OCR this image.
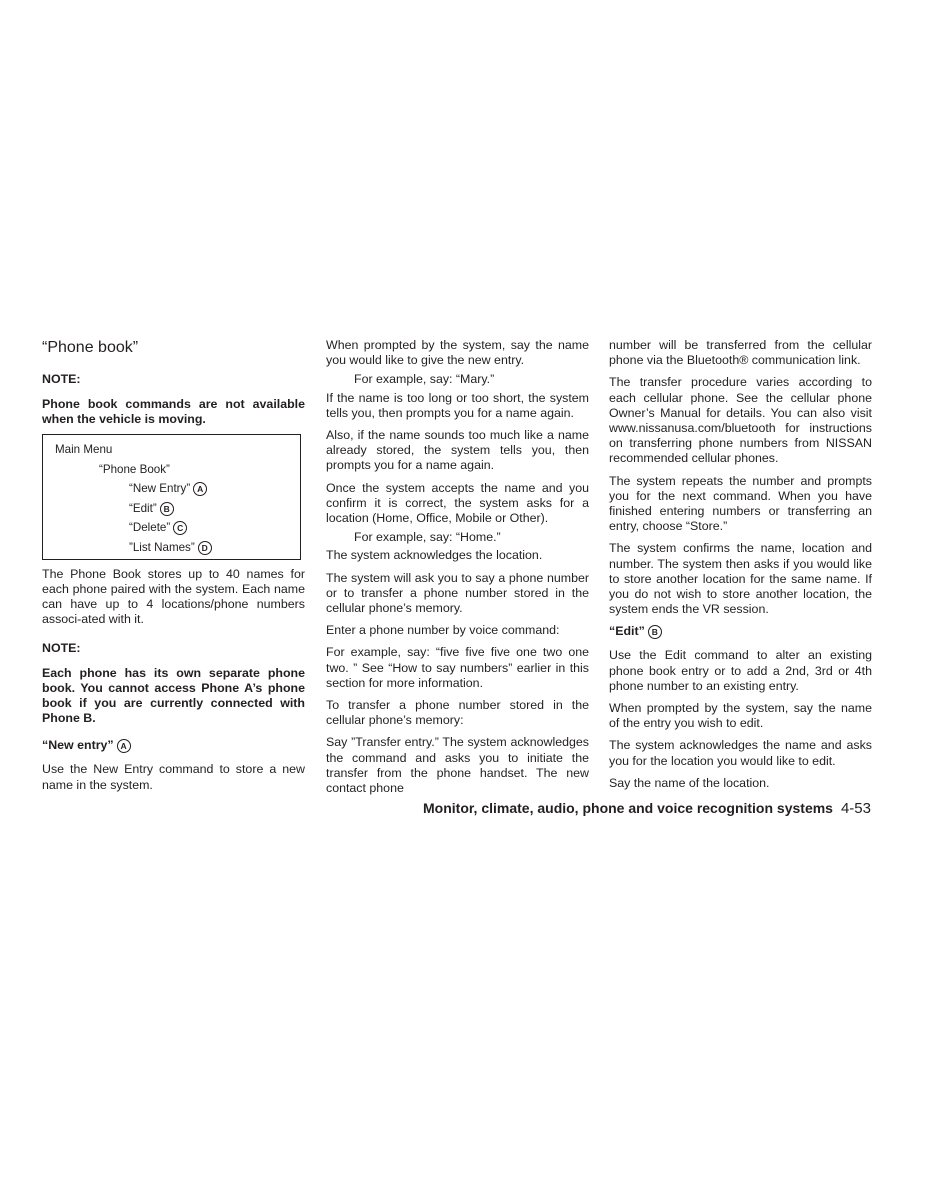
“Phone book”
NOTE:
Phone book commands are not available when the vehicle is moving.
Main Menu
“Phone Book”
“New Entry” A
“Edit” B
“Delete” C
”List Names” D

The Phone Book stores up to 40 names for each phone paired with the system. Each name can have up to 4 locations/phone numbers associ-ated with it.

NOTE:
Each phone has its own separate phone book. You cannot access Phone A’s phone book if you are currently connected with Phone B.
“New entry” A

Use the New Entry command to store a new name in the system.

When prompted by the system, say the name you would like to give the new entry.

For example, say: “Mary.”

If the name is too long or too short, the system tells you, then prompts you for a name again.

Also, if the name sounds too much like a name already stored, the system tells you, then prompts you for a name again.

Once the system accepts the name and you confirm it is correct, the system asks for a location (Home, Office, Mobile or Other).

For example, say: “Home.”

The system acknowledges the location.

The system will ask you to say a phone number or to transfer a phone number stored in the cellular phone’s memory.

Enter a phone number by voice command:

For example, say: “five five five one two one two. ” See “How to say numbers” earlier in this section for more information.

To transfer a phone number stored in the cellular phone’s memory:

Say ”Transfer entry.” The system acknowledges the command and asks you to initiate the transfer from the phone handset. The new contact phone

number will be transferred from the cellular phone via the Bluetooth® communication link.

The transfer procedure varies according to each cellular phone. See the cellular phone Owner’s Manual for details. You can also visit www.nissanusa.com/bluetooth for instructions on transferring phone numbers from NISSAN recommended cellular phones.

The system repeats the number and prompts you for the next command. When you have finished entering numbers or transferring an entry, choose “Store.”

The system confirms the name, location and number. The system then asks if you would like to store another location for the same name. If you do not wish to store another location, the system ends the VR session.

“Edit” B

Use the Edit command to alter an existing phone book entry or to add a 2nd, 3rd or 4th phone number to an existing entry.

When prompted by the system, say the name of the entry you wish to edit.

The system acknowledges the name and asks you for the location you would like to edit.

Say the name of the location.

Monitor, climate, audio, phone and voice recognition systems 4-53
